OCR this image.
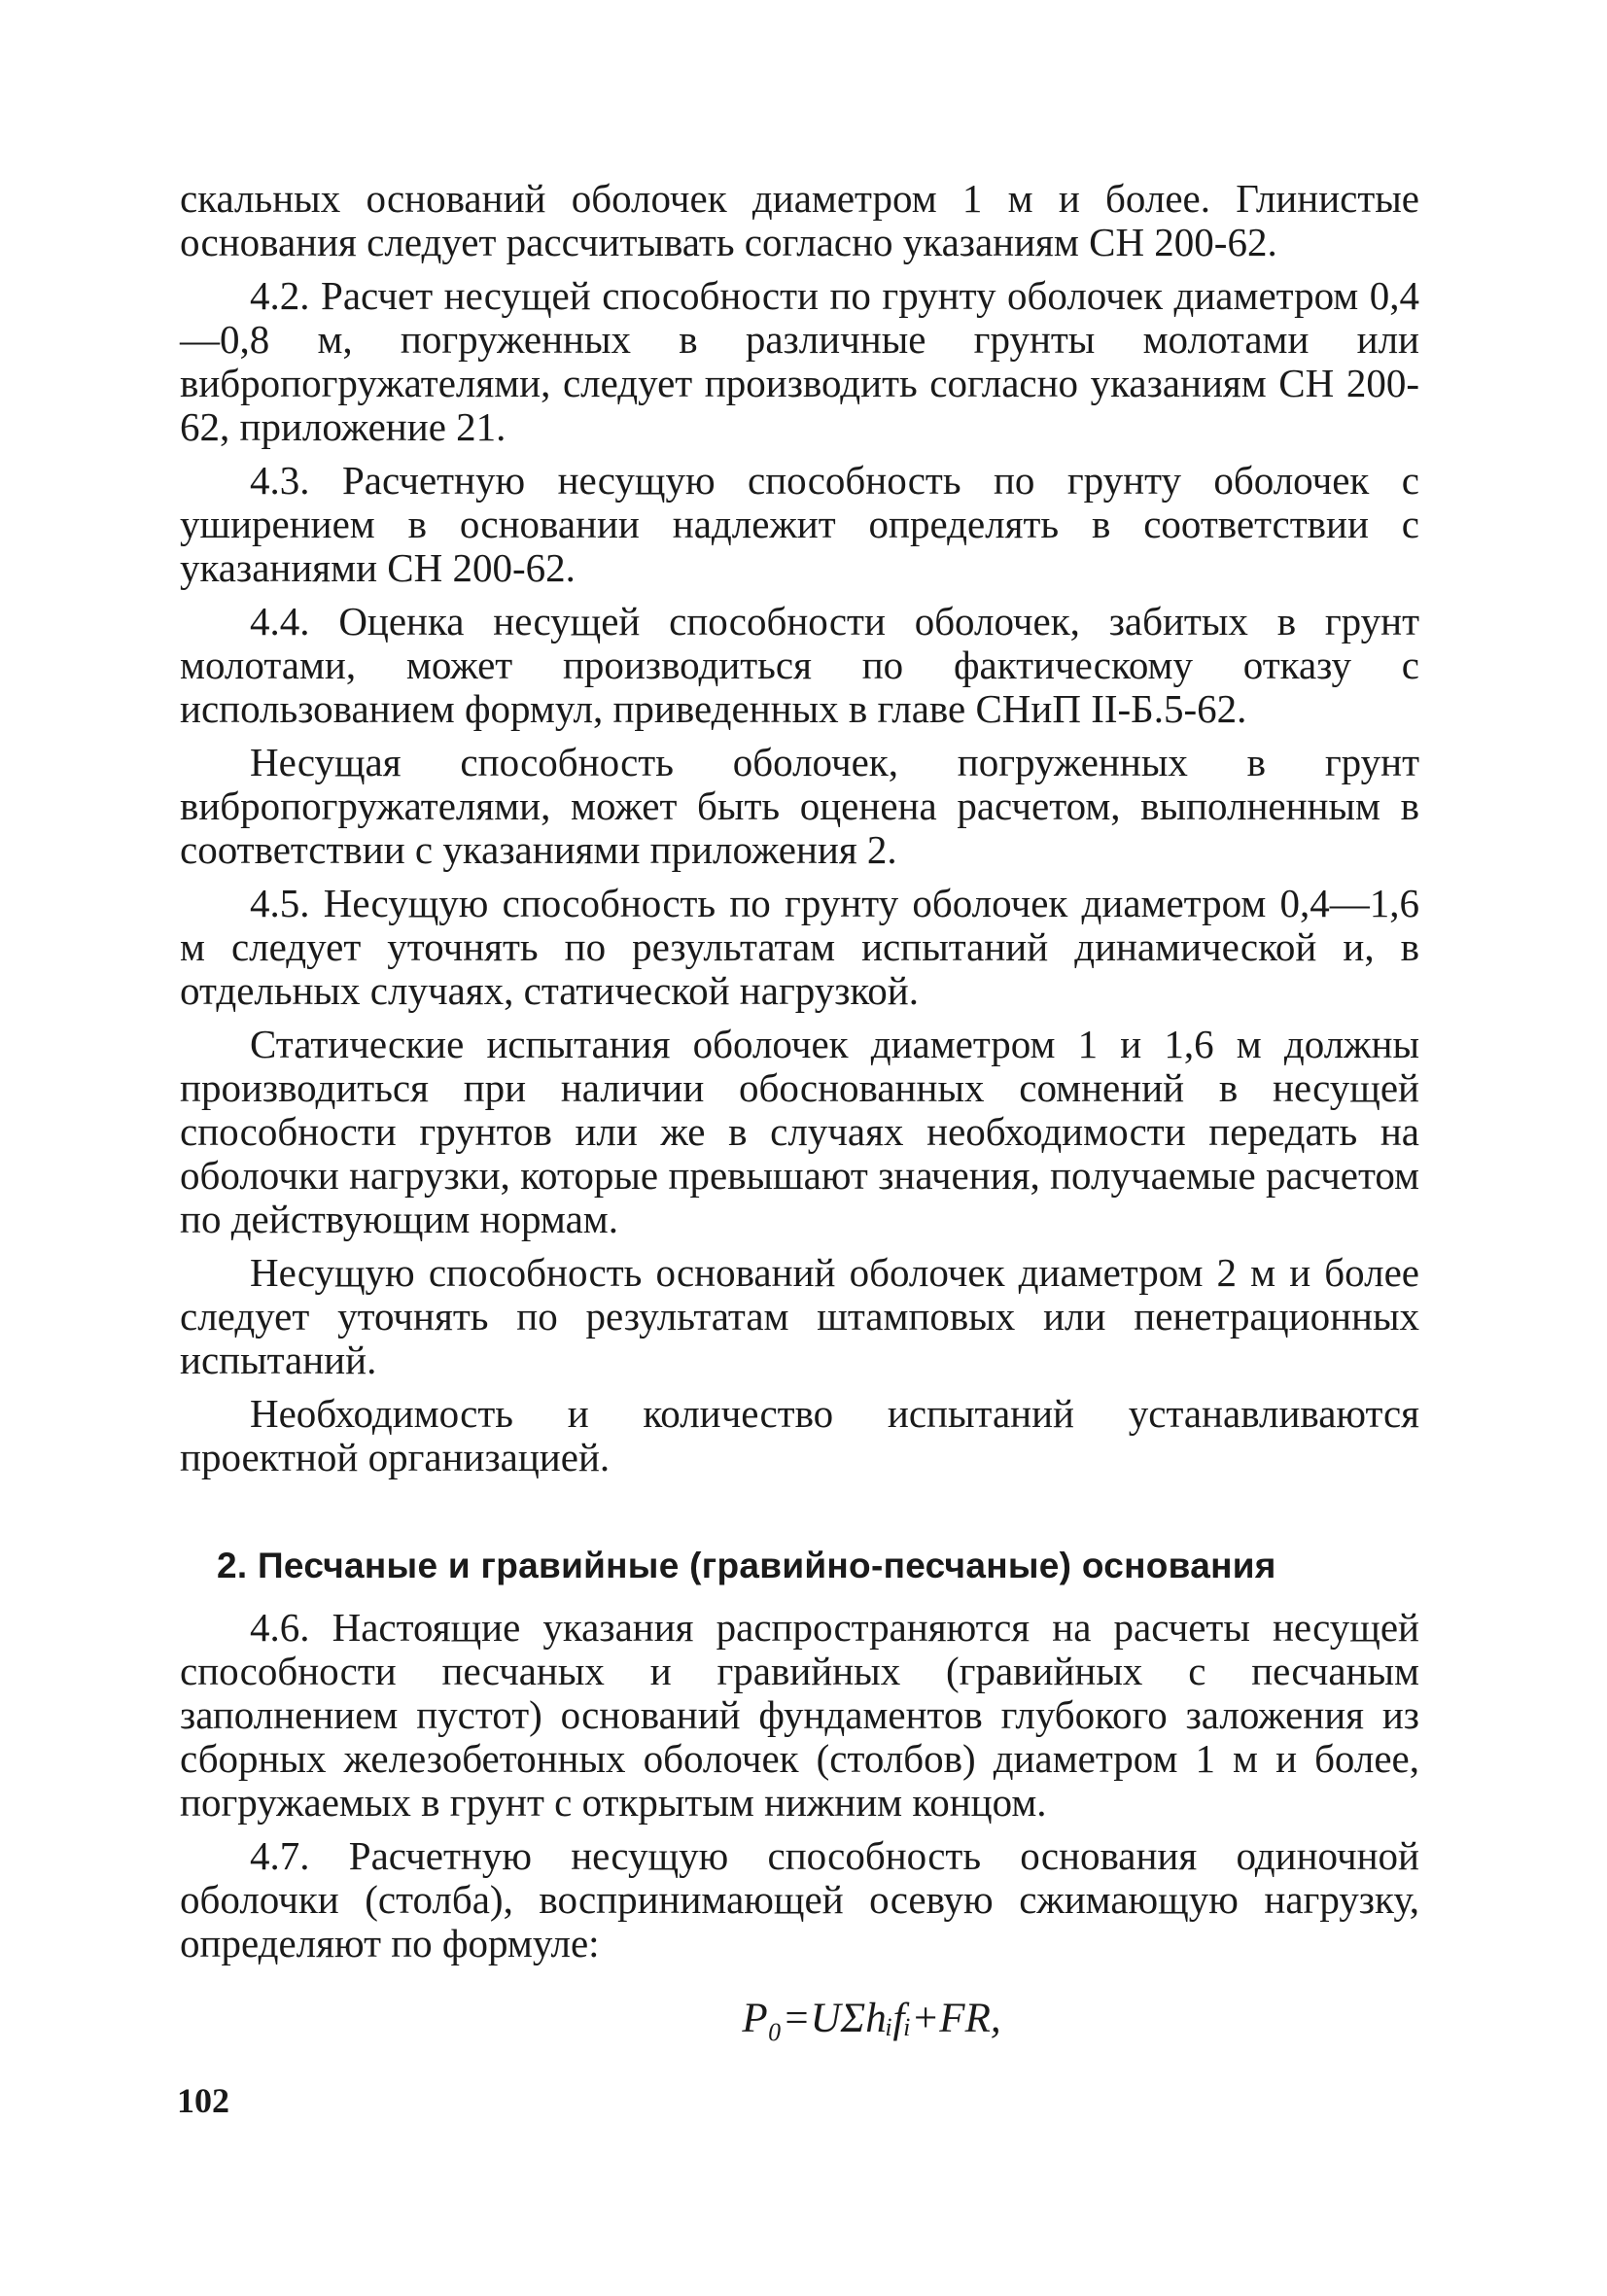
скальных оснований оболочек диаметром 1 м и более. Глинистые основания следует рассчитывать согласно указаниям СН 200-62.

4.2. Расчет несущей способности по грунту оболочек диаметром 0,4—0,8 м, погруженных в различные грунты молотами или вибропогружателями, следует производить согласно указаниям СН 200-62, приложение 21.

4.3. Расчетную несущую способность по грунту оболочек с уширением в основании надлежит определять в соответствии с указаниями СН 200-62.

4.4. Оценка несущей способности оболочек, забитых в грунт молотами, может производиться по фактическому отказу с использованием формул, приведенных в главе СНиП II-Б.5-62.

Несущая способность оболочек, погруженных в грунт вибропогружателями, может быть оценена расчетом, выполненным в соответствии с указаниями приложения 2.

4.5. Несущую способность по грунту оболочек диаметром 0,4—1,6 м следует уточнять по результатам испытаний динамической и, в отдельных случаях, статической нагрузкой.

Статические испытания оболочек диаметром 1 и 1,6 м должны производиться при наличии обоснованных сомнений в несущей способности грунтов или же в случаях необходимости передать на оболочки нагрузки, которые превышают значения, получаемые расчетом по действующим нормам.

Несущую способность оснований оболочек диаметром 2 м и более следует уточнять по результатам штамповых или пенетрационных испытаний.

Необходимость и количество испытаний устанавливаются проектной организацией.

2. Песчаные и гравийные (гравийно-песчаные) основания

4.6. Настоящие указания распространяются на расчеты несущей способности песчаных и гравийных (гравийных с песчаным заполнением пустот) оснований фундаментов глубокого заложения из сборных железобетонных оболочек (столбов) диаметром 1 м и более, погружаемых в грунт с открытым нижним концом.

4.7. Расчетную несущую способность основания одиночной оболочки (столба), воспринимающей осевую сжимающую нагрузку, определяют по формуле:

P₀=UΣhᵢfᵢ+FR,
102
